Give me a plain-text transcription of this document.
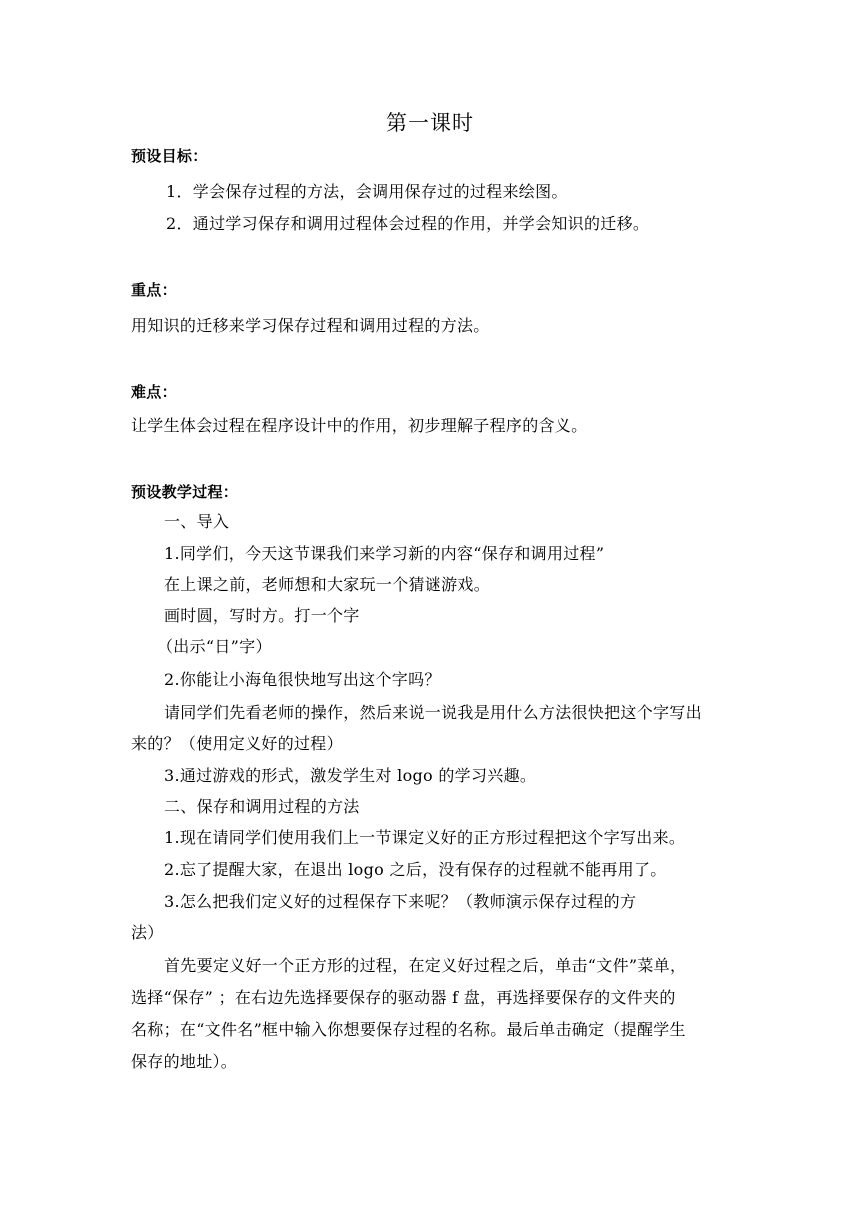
第一课时
预设目标：
1．学会保存过程的方法，会调用保存过的过程来绘图。
2．通过学习保存和调用过程体会过程的作用，并学会知识的迁移。
重点：
用知识的迁移来学习保存过程和调用过程的方法。
难点：
让学生体会过程在程序设计中的作用，初步理解子程序的含义。
预设教学过程：
一、导入
1.同学们，今天这节课我们来学习新的内容“保存和调用过程”
在上课之前，老师想和大家玩一个猜谜游戏。
画时圆，写时方。打一个字
（出示“日”字）
2.你能让小海龟很快地写出这个字吗？
请同学们先看老师的操作，然后来说一说我是用什么方法很快把这个字写出
来的？（使用定义好的过程）
3.通过游戏的形式，激发学生对 logo 的学习兴趣。
二、保存和调用过程的方法
1.现在请同学们使用我们上一节课定义好的正方形过程把这个字写出来。
2.忘了提醒大家，在退出 logo 之后，没有保存的过程就不能再用了。
3.怎么把我们定义好的过程保存下来呢？（教师演示保存过程的方
法）
首先要定义好一个正方形的过程，在定义好过程之后，单击“文件”菜单，
选择“保存” ；在右边先选择要保存的驱动器 f 盘，再选择要保存的文件夹的
名称；在“文件名”框中输入你想要保存过程的名称。最后单击确定（提醒学生
保存的地址）。
